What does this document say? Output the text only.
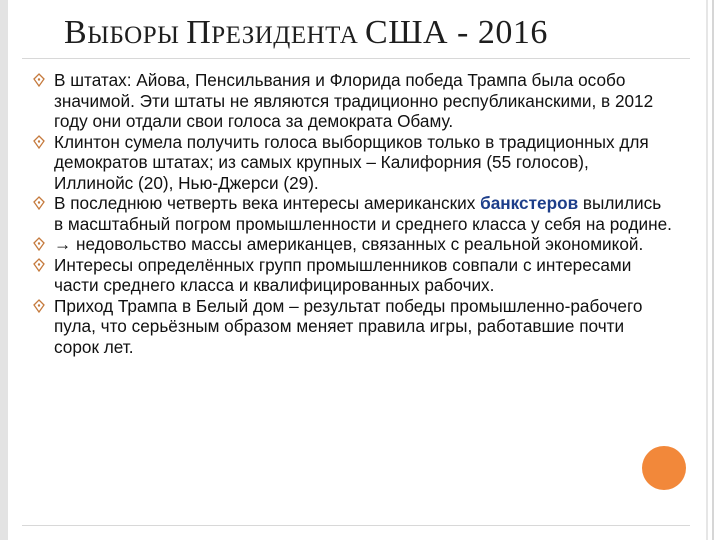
ВЫБОРЫ ПРЕЗИДЕНТА США - 2016
В штатах: Айова, Пенсильвания и Флорида победа Трампа была особо значимой. Эти штаты не являются традиционно республиканскими, в 2012 году они отдали свои голоса за демократа Обаму.
Клинтон сумела получить голоса выборщиков только в традиционных для демократов штатах; из самых крупных – Калифорния (55 голосов), Иллинойс (20), Нью-Джерси (29).
В последнюю четверть века интересы американских банкстеров вылились в масштабный погром промышленности и среднего класса у себя на родине.
→ недовольство массы американцев, связанных с реальной экономикой.
Интересы определённых групп промышленников совпали с интересами части среднего класса и квалифицированных рабочих.
Приход Трампа в Белый дом – результат победы промышленно-рабочего пула, что серьёзным образом меняет правила игры, работавшие почти сорок лет.
